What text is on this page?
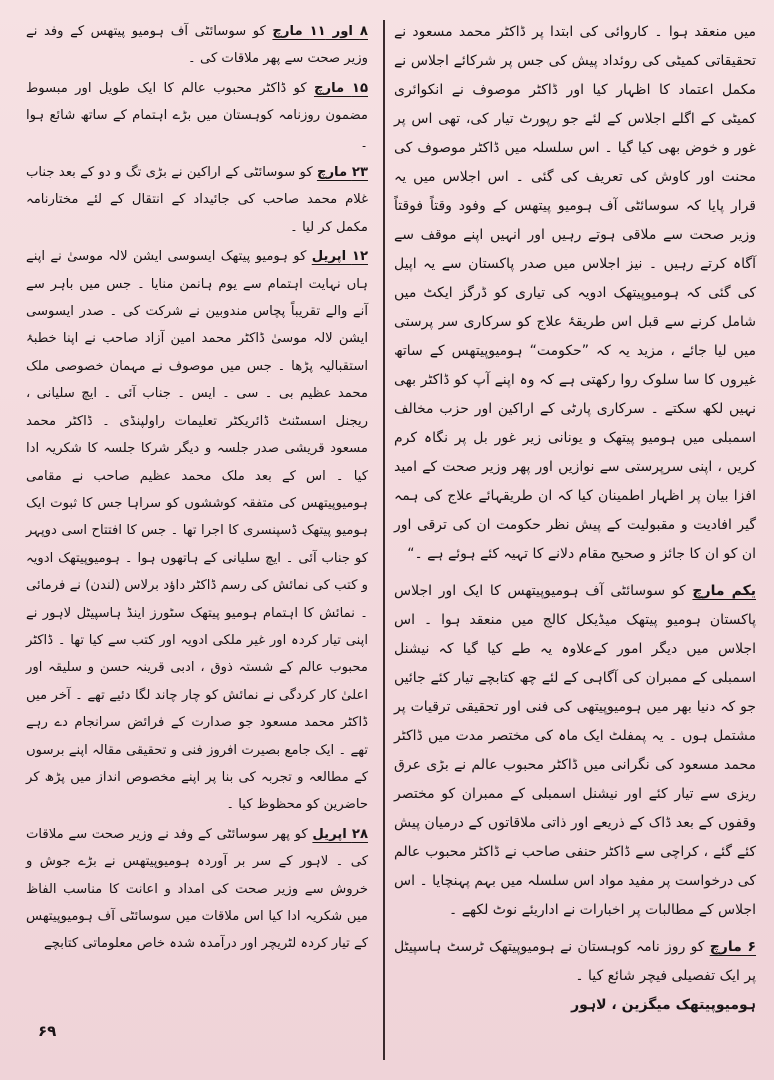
میں منعقد ہوا ۔ کاروائی کی ابتدا پر ڈاکٹر محمد مسعود نے تحقیقاتی کمیٹی کی روئداد پیش کی جس پر شرکائے اجلاس نے مکمل اعتماد کا اظہار کیا اور ڈاکٹر موصوف نے انکوائری کمیٹی کے اگلے اجلاس کے لئے جو رپورٹ تیار کی، تھی اس پر غور و خوض بھی کیا گیا ۔ اس سلسلہ میں ڈاکٹر موصوف کی محنت اور کاوش کی تعریف کی گئی ۔ اس اجلاس میں یہ قرار پایا کہ سوسائٹی آف ہومیو پیتھس کے وفود وقتاً فوقتاً وزیر صحت سے ملاقی ہوتے رہیں اور انہیں اپنے موقف سے آگاہ کرتے رہیں ۔ نیز اجلاس میں صدر پاکستان سے یہ اپیل کی گئی کہ ہومیوپیتھک ادویہ کی تیاری کو ڈرگز ایکٹ میں شامل کرنے سے قبل اس طریقۂ علاج کو سرکاری سر پرستی میں لیا جائے ، مزید یہ کہ ”حکومت“ ہومیوپیتھس کے ساتھ غیروں کا سا سلوک روا رکھتی ہے کہ وہ اپنے آپ کو ڈاکٹر بھی نہیں لکھ سکتے ۔ سرکاری پارٹی کے اراکین اور حزب مخالف اسمبلی میں ہومیو پیتھک و یونانی زیر غور بل پر نگاہ کرم کریں ، اپنی سرپرستی سے نوازیں اور پھر وزیر صحت کے امید افزا بیان پر اظہار اطمینان کیا کہ ان طریقہائے علاج کی ہمہ گیر افادیت و مقبولیت کے پیش نظر حکومت ان کی ترقی اور ان کو ان کا جائز و صحیح مقام دلانے کا تہیہ کئے ہوئے ہے ۔“

یکم مارچ کو سوسائٹی آف ہومیوپیتھس کا ایک اور اجلاس پاکستان ہومیو پیتھک میڈیکل کالج میں منعقد ہوا ۔ اس اجلاس میں دیگر امور کےعلاوہ یہ طے کیا گیا کہ نیشنل اسمبلی کے ممبران کی آگاہی کے لئے چھ کتابچے تیار کئے جائیں جو کہ دنیا بھر میں ہومیوپیتھی کی فنی اور تحقیقی ترقیات پر مشتمل ہوں ۔ یہ پمفلٹ ایک ماہ کی مختصر مدت میں ڈاکٹر محمد مسعود کی نگرانی میں ڈاکٹر محبوب عالم نے بڑی عرق ریزی سے تیار کئے اور نیشنل اسمبلی کے ممبران کو مختصر وقفوں کے بعد ڈاک کے ذریعے اور ذاتی ملاقاتوں کے درمیان پیش کئے گئے ، کراچی سے ڈاکٹر حنفی صاحب نے ڈاکٹر محبوب عالم کی درخواست پر مفید مواد اس سلسلہ میں بہم پہنچایا ۔ اس اجلاس کے مطالبات پر اخبارات نے اداریئے نوٹ لکھے ۔

۶ مارچ کو روز نامہ کوہستان نے ہومیوپیتھک ٹرسٹ ہاسپیٹل پر ایک تفصیلی فیچر شائع کیا ۔

ہومیوپیتھک میگزین ، لاہور

۸ اور ۱۱ مارچ کو سوسائٹی آف ہومیو پیتھس کے وفد نے وزیر صحت سے پھر ملاقات کی ۔

۱۵ مارچ کو ڈاکٹر محبوب عالم کا ایک طویل اور مبسوط مضمون روزنامہ کوہستان میں بڑے اہتمام کے ساتھ شائع ہوا ۔

۲۳ مارچ کو سوسائٹی کے اراکین نے بڑی تگ و دو کے بعد جناب غلام محمد صاحب کی جائیداد کے انتقال کے لئے مختارنامہ مکمل کر لیا ۔

۱۲ اپریل کو ہومیو پیتھک ایسوسی ایشن لالہ موسیٰ نے اپنے ہاں نہایت اہتمام سے یوم ہانمن منایا ۔ جس میں باہر سے آنے والے تقریباً پچاس مندوبین نے شرکت کی ۔ صدر ایسوسی ایشن لالہ موسیٰ ڈاکٹر محمد امین آزاد صاحب نے اپنا خطبۂ استقبالیہ پڑھا ۔ جس میں موصوف نے مہمان خصوصی ملک محمد عظیم بی ۔ سی ۔ ایس ۔ جناب آئی ۔ ایچ سلیانی ، ریجنل اسسٹنٹ ڈائریکٹر تعلیمات راولپنڈی ۔ ڈاکٹر محمد مسعود قریشی صدر جلسہ و دیگر شرکا جلسہ کا شکریہ ادا کیا ۔ اس کے بعد ملک محمد عظیم صاحب نے مقامی ہومیوپیتھس کی متفقہ کوششوں کو سراہا جس کا ثبوت ایک ہومیو پیتھک ڈسپنسری کا اجرا تھا ۔ جس کا افتتاح اسی دوپہر کو جناب آئی ۔ ایچ سلیانی کے ہاتھوں ہوا ۔ ہومیوپیتھک ادویہ و کتب کی نمائش کی رسم ڈاکٹر داؤد برلاس (لندن) نے فرمائی ۔ نمائش کا اہتمام ہومیو پیتھک سٹورز اینڈ ہاسپیٹل لاہور نے اپنی تیار کردہ اور غیر ملکی ادویہ اور کتب سے کیا تھا ۔ ڈاکٹر محبوب عالم کے شستہ ذوق ، ادبی قرینہ حسن و سلیقہ اور اعلیٰ کار کردگی نے نمائش کو چار چاند لگا دئیے تھے ۔ آخر میں ڈاکٹر محمد مسعود جو صدارت کے فرائض سرانجام دے رہے تھے ۔ ایک جامع بصیرت افروز فنی و تحقیقی مقالہ اپنے برسوں کے مطالعہ و تجربہ کی بنا پر اپنے مخصوص انداز میں پڑھ کر حاضرین کو محظوظ کیا ۔

۲۸ اپریل کو پھر سوسائٹی کے وفد نے وزیر صحت سے ملاقات کی ۔ لاہور کے سر بر آوردہ ہومیوپیتھس نے بڑے جوش و خروش سے وزیر صحت کی امداد و اعانت کا مناسب الفاظ میں شکریہ ادا کیا اس ملاقات میں سوسائٹی آف ہومیوپیتھس کے تیار کردہ لٹریچر اور درآمدہ شدہ خاص معلوماتی کتابچے

۶۹
